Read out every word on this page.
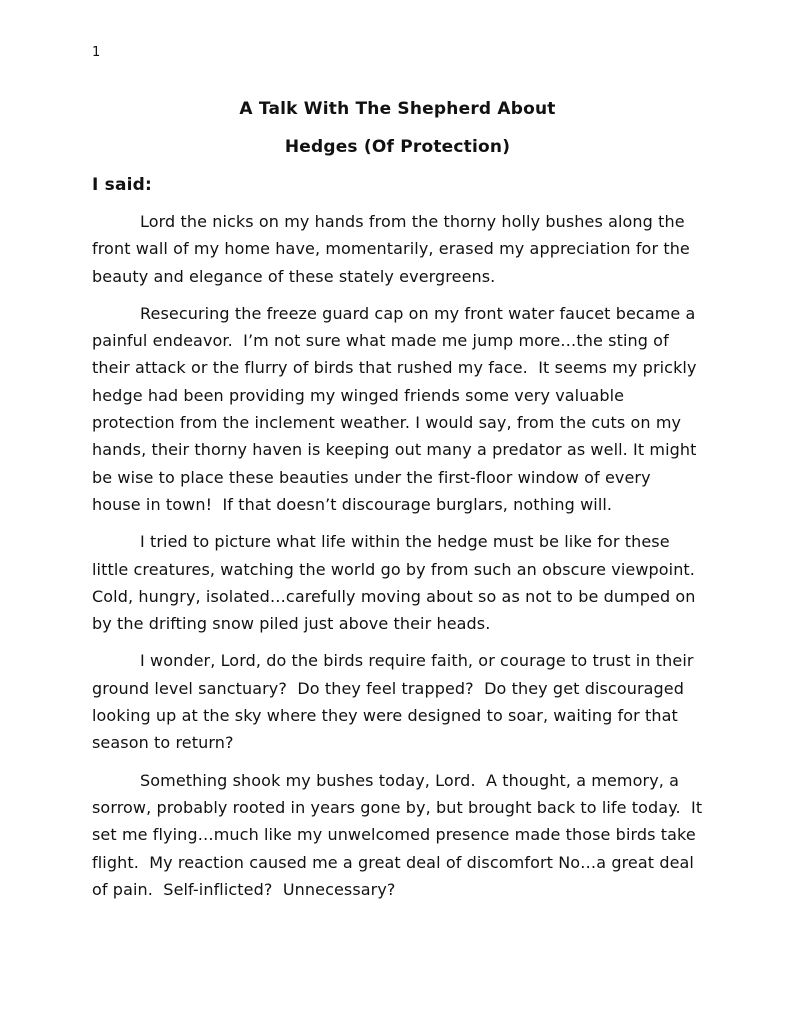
1
A Talk With The Shepherd About
Hedges (Of Protection)
I said:

Lord the nicks on my hands from the thorny holly bushes along the front wall of my home have, momentarily, erased my appreciation for the beauty and elegance of these stately evergreens.

Resecuring the freeze guard cap on my front water faucet became a painful endeavor.  I’m not sure what made me jump more…the sting of their attack or the flurry of birds that rushed my face.  It seems my prickly hedge had been providing my winged friends some very valuable protection from the inclement weather. I would say, from the cuts on my hands, their thorny haven is keeping out many a predator as well. It might be wise to place these beauties under the first-floor window of every house in town!  If that doesn’t discourage burglars, nothing will.

I tried to picture what life within the hedge must be like for these little creatures, watching the world go by from such an obscure viewpoint.  Cold, hungry, isolated…carefully moving about so as not to be dumped on by the drifting snow piled just above their heads.

I wonder, Lord, do the birds require faith, or courage to trust in their ground level sanctuary?  Do they feel trapped?  Do they get discouraged looking up at the sky where they were designed to soar, waiting for that season to return?

Something shook my bushes today, Lord.  A thought, a memory, a sorrow, probably rooted in years gone by, but brought back to life today.  It set me flying…much like my unwelcomed presence made those birds take flight.  My reaction caused me a great deal of discomfort No…a great deal of pain.  Self-inflicted?  Unnecessary?
